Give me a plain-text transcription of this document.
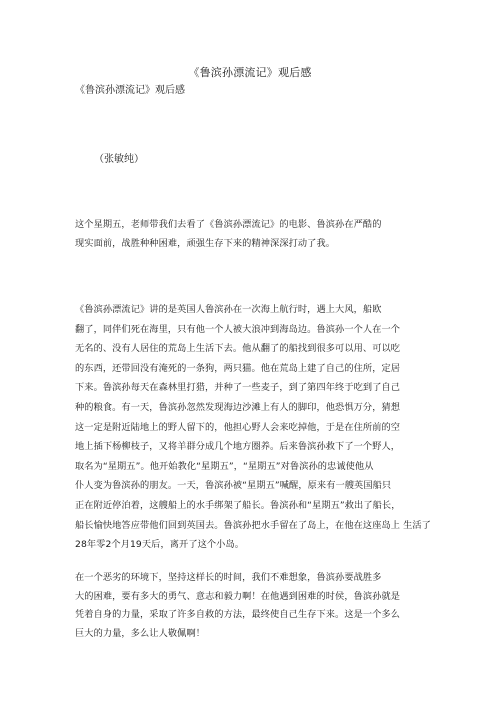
《鲁滨孙漂流记》观后感
《鲁滨孙漂流记》观后感
（张敏纯）
这个星期五，老师带我们去看了《鲁滨孙漂流记》的电影、鲁滨孙在严酷的
现实面前，战胜种种困难，顽强生存下来的精神深深打动了我。
《鲁滨孙漂流记》讲的是英国人鲁滨孙在一次海上航行时，遇上大风，船欧
翻了，同伴们死在海里，只有他一个人被大浪冲到海岛边。鲁滨孙一个人在一个
无名的、没有人居住的荒岛上生活下去。他从翻了的船找到很多可以用、可以吃
的东西，还带回没有淹死的一条狗，两只猫。他在荒岛上建了自己的住所，定居
下来。鲁滨孙每天在森林里打猎，并种了一些麦子，到了第四年终于吃到了自己
种的粮食。有一天，鲁滨孙忽然发现海边沙滩上有人的脚印，他恐惧万分，猜想
这一定是附近陆地上的野人留下的，他担心野人会来吃掉他，于是在住所前的空
地上插下杨柳枝子，又将羊群分成几个地方圈养。后来鲁滨孙救下了一个野人，
取名为“星期五”。他开始教化“星期五”，“星期五”对鲁滨孙的忠诚使他从
仆人变为鲁滨孙的朋友。一天，鲁滨孙被“星期五”喊醒，原来有一艘英国船只
正在附近停泊着，这艘船上的水手绑架了船长。鲁滨孙和“星期五”救出了船长，
船长愉快地答应带他们回到英国去。鲁滨孙把水手留在了岛上，在他在这座岛上 生活了
28年零2个月19天后，离开了这个小岛。
在一个恶劣的环境下，坚持这样长的时间，我们不难想象，鲁滨孙要战胜多
大的困难，要有多大的勇气、意志和毅力啊！在他遇到困难的时侯，鲁滨孙就是
凭着自身的力量，采取了许多自救的方法，最终使自己生存下来。这是一个多么
巨大的力量，多么让人敬佩啊！
